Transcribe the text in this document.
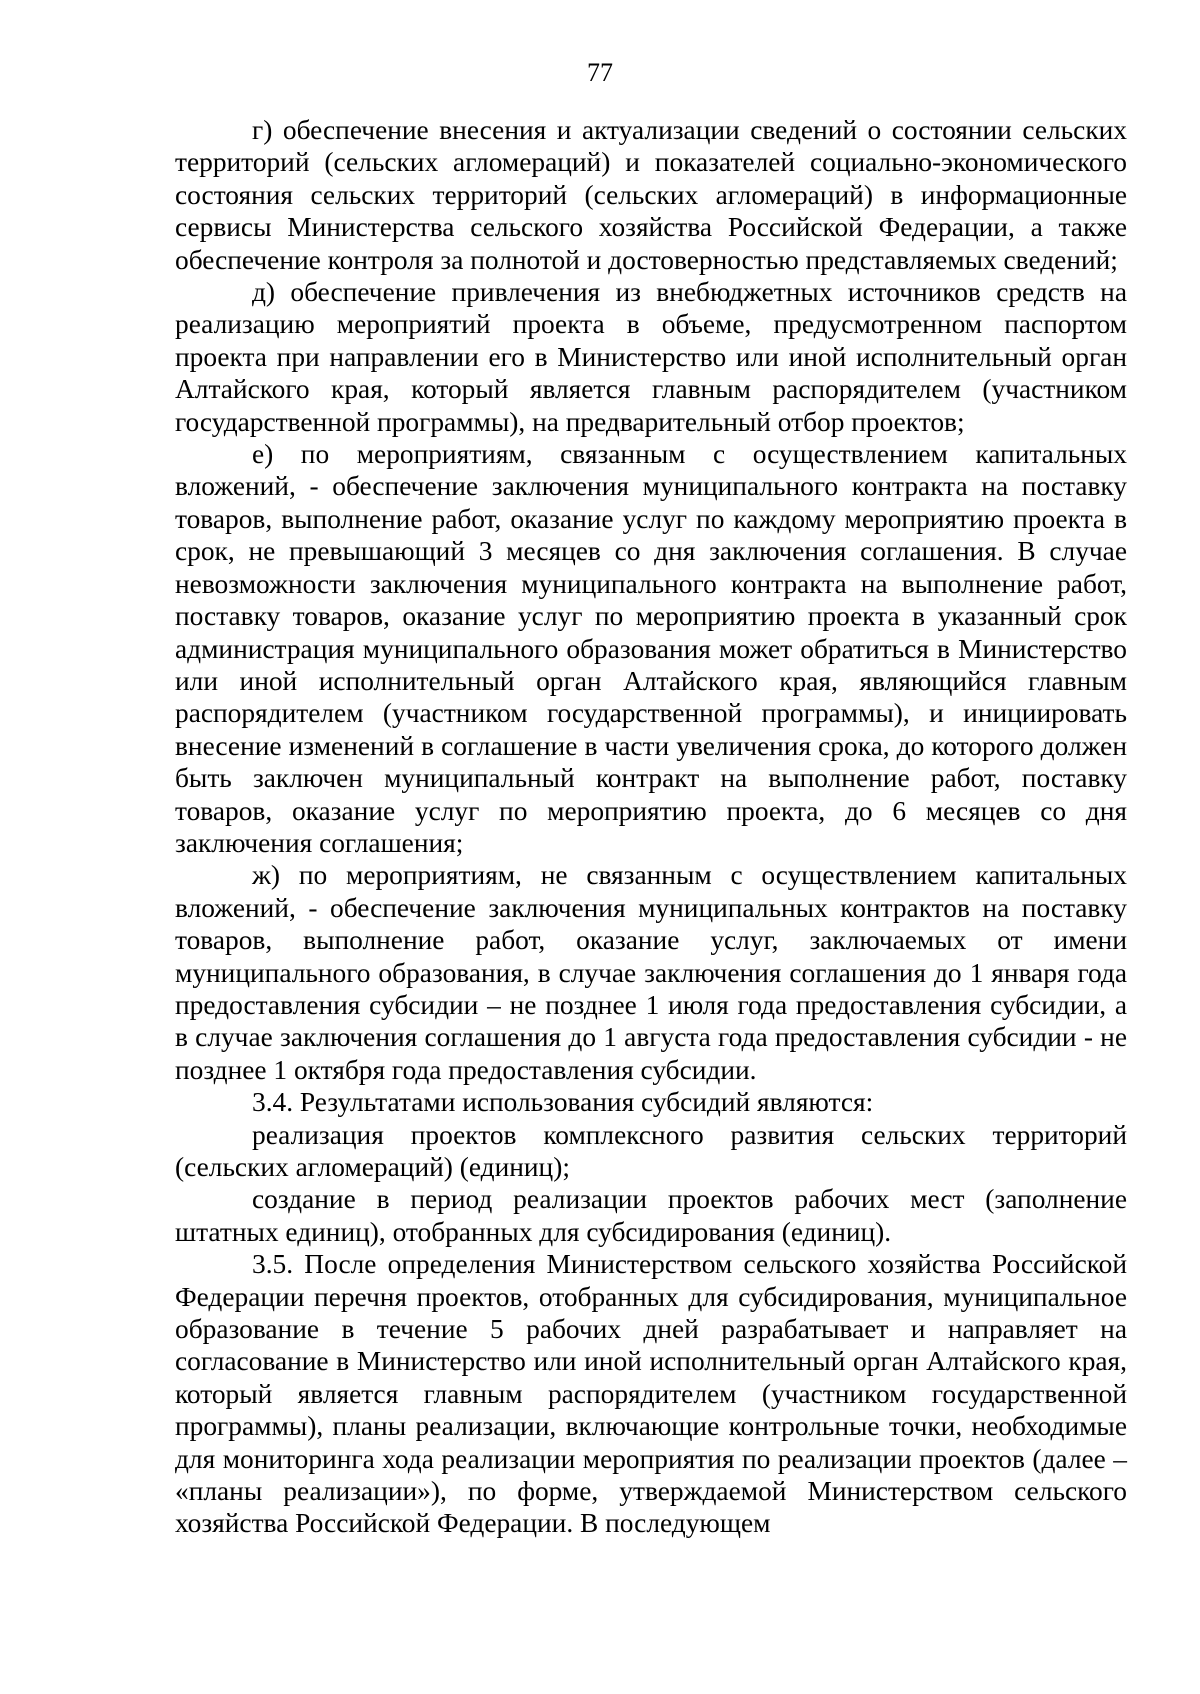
77

г) обеспечение внесения и актуализации сведений о состоянии сельских территорий (сельских агломераций) и показателей социально-экономического состояния сельских территорий (сельских агломераций) в информационные сервисы Министерства сельского хозяйства Российской Федерации, а также обеспечение контроля за полнотой и достоверностью представляемых сведений;

д) обеспечение привлечения из внебюджетных источников средств на реализацию мероприятий проекта в объеме, предусмотренном паспортом проекта при направлении его в Министерство или иной исполнительный орган Алтайского края, который является главным распорядителем (участником государственной программы), на предварительный отбор проектов;

е) по мероприятиям, связанным с осуществлением капитальных вложений, - обеспечение заключения муниципального контракта на поставку товаров, выполнение работ, оказание услуг по каждому мероприятию проекта в срок, не превышающий 3 месяцев со дня заключения соглашения. В случае невозможности заключения муниципального контракта на выполнение работ, поставку товаров, оказание услуг по мероприятию проекта в указанный срок администрация муниципального образования может обратиться в Министерство или иной исполнительный орган Алтайского края, являющийся главным распорядителем (участником государственной программы), и инициировать внесение изменений в соглашение в части увеличения срока, до которого должен быть заключен муниципальный контракт на выполнение работ, поставку товаров, оказание услуг по мероприятию проекта, до 6 месяцев со дня заключения соглашения;

ж) по мероприятиям, не связанным с осуществлением капитальных вложений, - обеспечение заключения муниципальных контрактов на поставку товаров, выполнение работ, оказание услуг, заключаемых от имени муниципального образования, в случае заключения соглашения до 1 января года предоставления субсидии – не позднее 1 июля года предоставления субсидии, а в случае заключения соглашения до 1 августа года предоставления субсидии - не позднее 1 октября года предоставления субсидии.

3.4. Результатами использования субсидий являются:

реализация проектов комплексного развития сельских территорий (сельских агломераций) (единиц);

создание в период реализации проектов рабочих мест (заполнение штатных единиц), отобранных для субсидирования (единиц).

3.5. После определения Министерством сельского хозяйства Российской Федерации перечня проектов, отобранных для субсидирования, муниципальное образование в течение 5 рабочих дней разрабатывает и направляет на согласование в Министерство или иной исполнительный орган Алтайского края, который является главным распорядителем (участником государственной программы), планы реализации, включающие контрольные точки, необходимые для мониторинга хода реализации мероприятия по реализации проектов (далее – «планы реализации»), по форме, утверждаемой Министерством сельского хозяйства Российской Федерации. В последующем
